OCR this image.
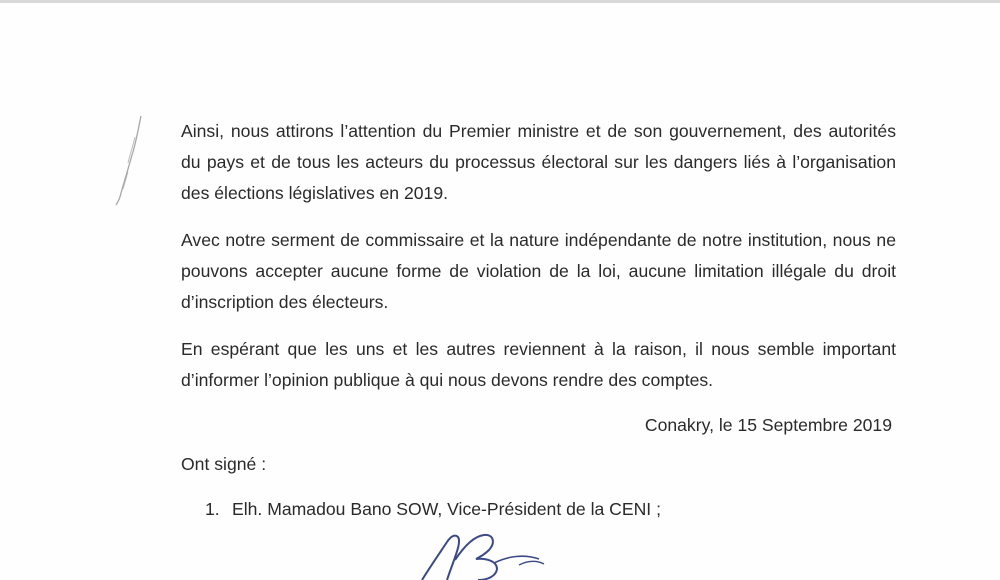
Ainsi, nous attirons l’attention du Premier ministre et de son gouvernement, des autorités du pays et de tous les acteurs du processus électoral sur les dangers liés à l’organisation des élections législatives en 2019.

Avec notre serment de commissaire et la nature indépendante de notre institution, nous ne pouvons accepter aucune forme de violation de la loi, aucune limitation illégale du droit d’inscription des électeurs.

En espérant que les uns et les autres reviennent à la raison, il nous semble important d’informer l’opinion publique à qui nous devons rendre des comptes.

Conakry, le 15 Septembre 2019

Ont signé :

1. Elh. Mamadou Bano SOW, Vice-Président de la CENI ;
